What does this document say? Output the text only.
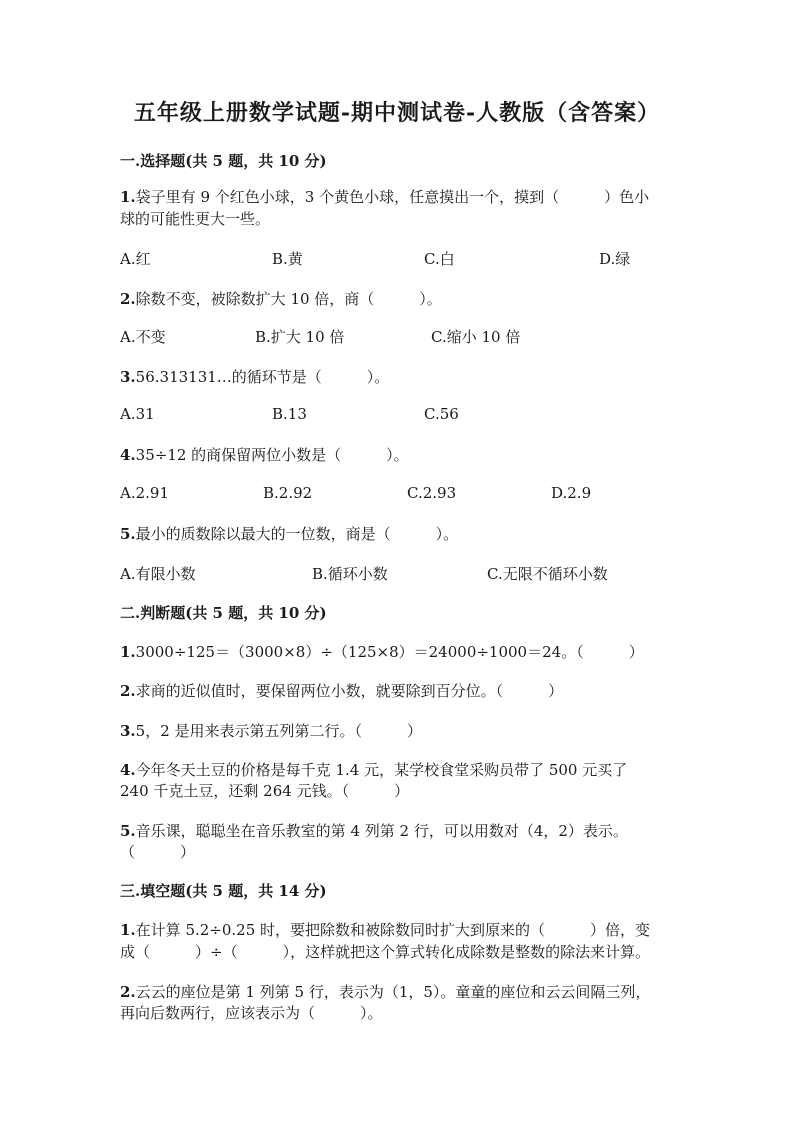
五年级上册数学试题-期中测试卷-人教版（含答案）
一.选择题(共 5 题，共 10 分)
1.袋子里有 9 个红色小球，3 个黄色小球，任意摸出一个，摸到（　　　）色小
球的可能性更大一些。
A.红	B.黄	C.白	D.绿
2.除数不变，被除数扩大 10 倍，商（　　　）。
A.不变	B.扩大 10 倍	C.缩小 10 倍
3.56.313131…的循环节是（　　　）。
A.31	B.13	C.56
4.35÷12 的商保留两位小数是（　　　）。
A.2.91	B.2.92	C.2.93	D.2.9
5.最小的质数除以最大的一位数，商是（　　　）。
A.有限小数	B.循环小数	C.无限不循环小数
二.判断题(共 5 题，共 10 分)
1.3000÷125＝（3000×8）÷（125×8）＝24000÷1000＝24。（　　　）
2.求商的近似值时，要保留两位小数，就要除到百分位。（　　　）
3.5，2 是用来表示第五列第二行。（　　　）
4.今年冬天土豆的价格是每千克 1.4 元，某学校食堂采购员带了 500 元买了
240 千克土豆，还剩 264 元钱。（　　　）
5.音乐课，聪聪坐在音乐教室的第 4 列第 2 行，可以用数对（4，2）表示。
（　　　）
三.填空题(共 5 题，共 14 分)
1.在计算 5.2÷0.25 时，要把除数和被除数同时扩大到原来的（　　　）倍，变
成（　　　）÷（　　　），这样就把这个算式转化成除数是整数的除法来计算。
2.云云的座位是第 1 列第 5 行，表示为（1，5）。童童的座位和云云间隔三列，
再向后数两行，应该表示为（　　　）。
